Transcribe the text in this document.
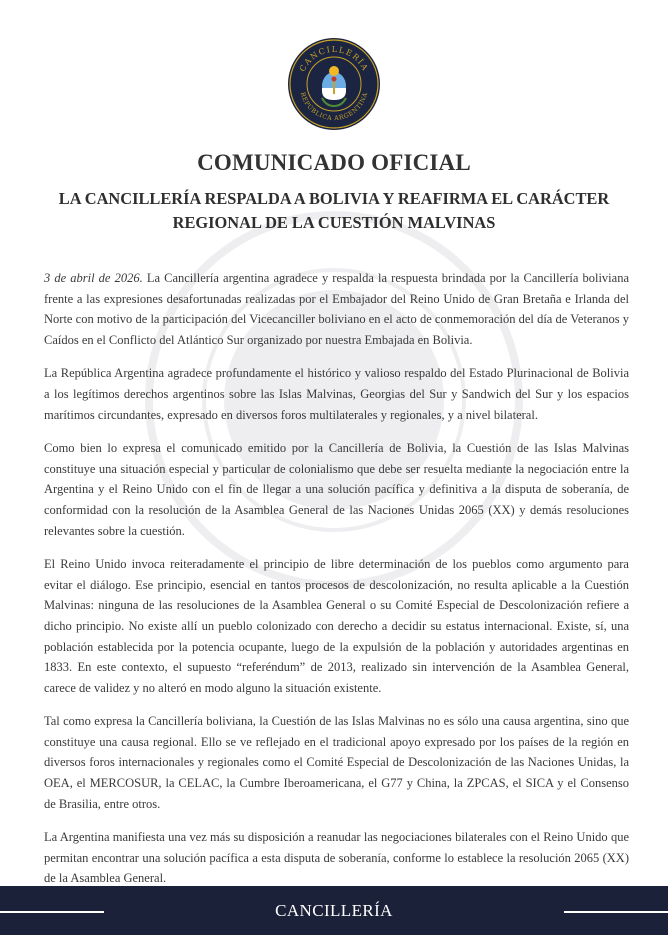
CANCILLERÍA
REPÚBLICA ARGENTINA
COMUNICADO OFICIAL
LA CANCILLERÍA RESPALDA A BOLIVIA Y REAFIRMA EL CARÁCTER
REGIONAL DE LA CUESTIÓN MALVINAS

3 de abril de 2026. La Cancillería argentina agradece y respalda la respuesta brindada por la Cancillería boliviana frente a las expresiones desafortunadas realizadas por el Embajador del Reino Unido de Gran Bretaña e Irlanda del Norte con motivo de la participación del Vicecanciller boliviano en el acto de conmemoración del día de Veteranos y Caídos en el Conflicto del Atlántico Sur organizado por nuestra Embajada en Bolivia.

La República Argentina agradece profundamente el histórico y valioso respaldo del Estado Plurinacional de Bolivia a los legítimos derechos argentinos sobre las Islas Malvinas, Georgias del Sur y Sandwich del Sur y los espacios marítimos circundantes, expresado en diversos foros multilaterales y regionales, y a nivel bilateral.

Como bien lo expresa el comunicado emitido por la Cancillería de Bolivia, la Cuestión de las Islas Malvinas constituye una situación especial y particular de colonialismo que debe ser resuelta mediante la negociación entre la Argentina y el Reino Unido con el fin de llegar a una solución pacífica y definitiva a la disputa de soberanía, de conformidad con la resolución de la Asamblea General de las Naciones Unidas 2065 (XX) y demás resoluciones relevantes sobre la cuestión.

El Reino Unido invoca reiteradamente el principio de libre determinación de los pueblos como argumento para evitar el diálogo. Ese principio, esencial en tantos procesos de descolonización, no resulta aplicable a la Cuestión Malvinas: ninguna de las resoluciones de la Asamblea General o su Comité Especial de Descolonización refiere a dicho principio. No existe allí un pueblo colonizado con derecho a decidir su estatus internacional. Existe, sí, una población establecida por la potencia ocupante, luego de la expulsión de la población y autoridades argentinas en 1833. En este contexto, el supuesto “referéndum” de 2013, realizado sin intervención de la Asamblea General, carece de validez y no alteró en modo alguno la situación existente.

Tal como expresa la Cancillería boliviana, la Cuestión de las Islas Malvinas no es sólo una causa argentina, sino que constituye una causa regional. Ello se ve reflejado en el tradicional apoyo expresado por los países de la región en diversos foros internacionales y regionales como el Comité Especial de Descolonización de las Naciones Unidas, la OEA, el MERCOSUR, la CELAC, la Cumbre Iberoamericana, el G77 y China, la ZPCAS, el SICA y el Consenso de Brasilia, entre otros.

La Argentina manifiesta una vez más su disposición a reanudar las negociaciones bilaterales con el Reino Unido que permitan encontrar una solución pacífica a esta disputa de soberanía, conforme lo establece la resolución 2065 (XX) de la Asamblea General.

CANCILLERÍA
